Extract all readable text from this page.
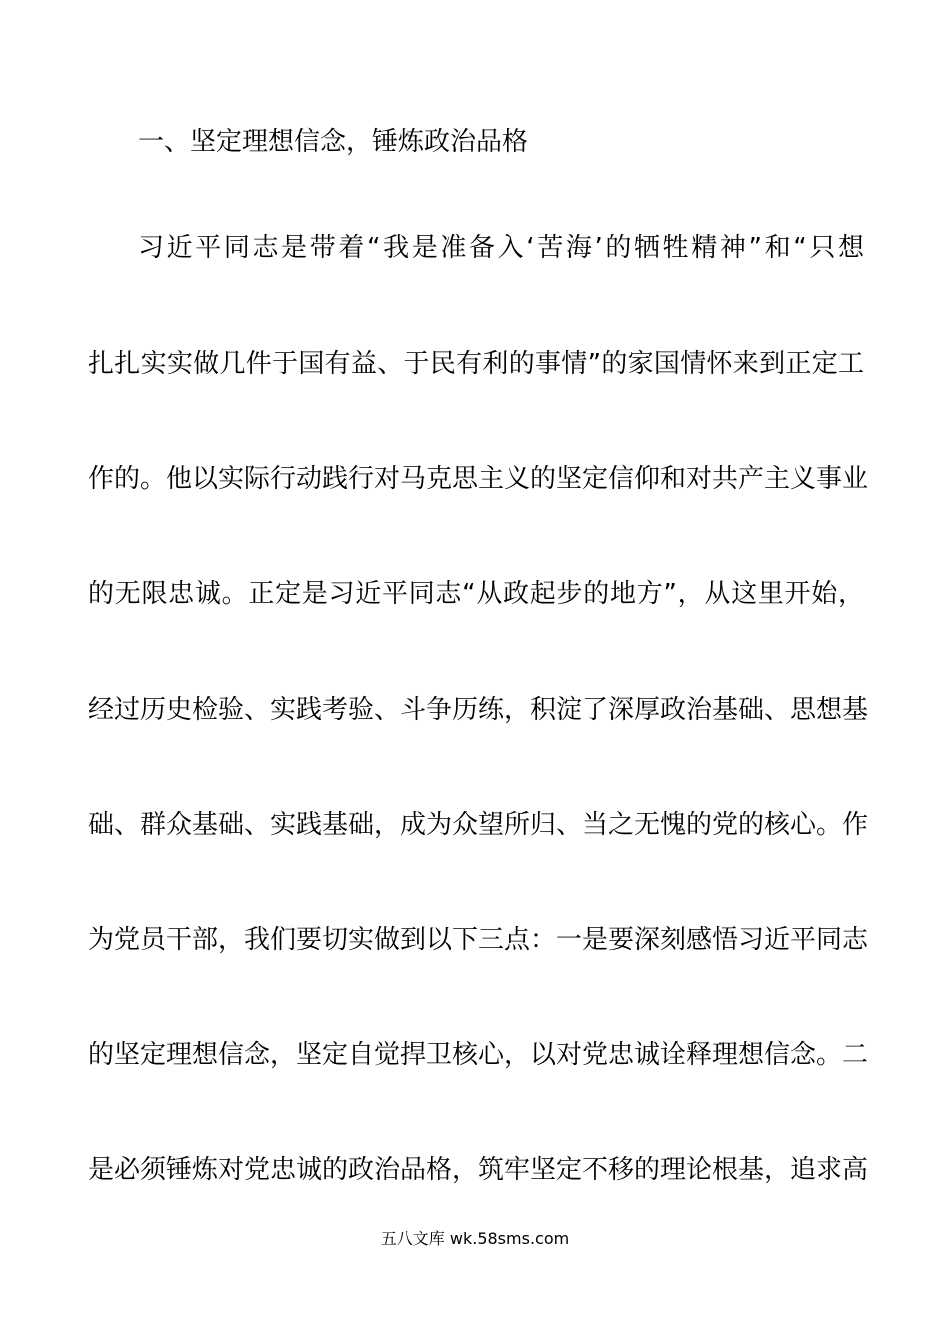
一、坚定理想信念，锤炼政治品格
习近平同志是带着“我是准备入‘苦海’的牺牲精神”和“只想
扎扎实实做几件于国有益、于民有利的事情”的家国情怀来到正定工
作的。他以实际行动践行对马克思主义的坚定信仰和对共产主义事业
的无限忠诚。正定是习近平同志“从政起步的地方”，从这里开始，
经过历史检验、实践考验、斗争历练，积淀了深厚政治基础、思想基
础、群众基础、实践基础，成为众望所归、当之无愧的党的核心。作
为党员干部，我们要切实做到以下三点：一是要深刻感悟习近平同志
的坚定理想信念，坚定自觉捍卫核心，以对党忠诚诠释理想信念。二
是必须锤炼对党忠诚的政治品格，筑牢坚定不移的理论根基，追求高
五八文库 wk.58sms.com
